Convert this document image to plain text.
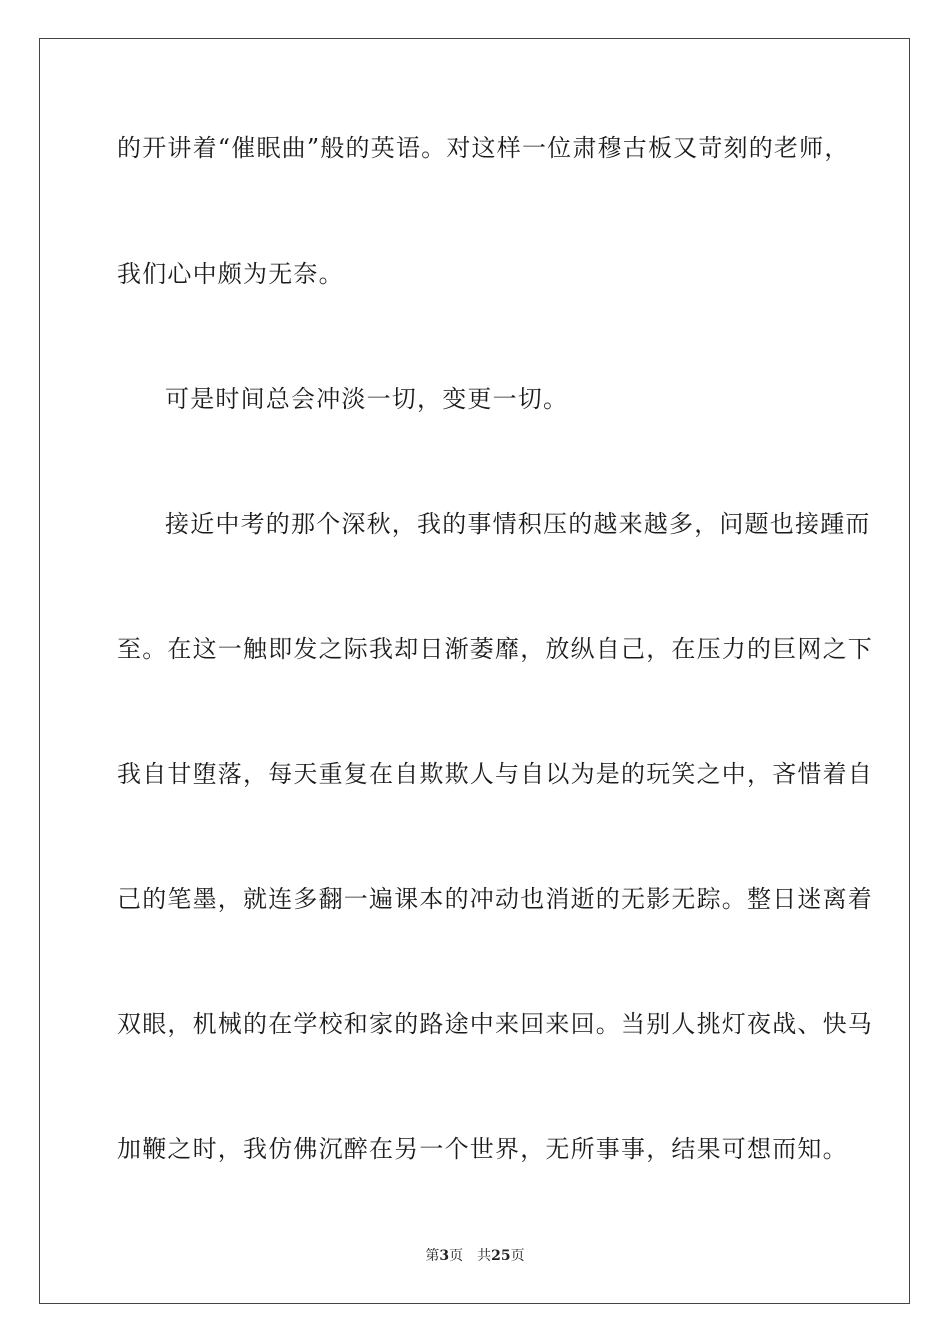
的开讲着“催眠曲”般的英语。对这样一位肃穆古板又苛刻的老师，
我们心中颇为无奈。
可是时间总会冲淡一切，变更一切。
接近中考的那个深秋，我的事情积压的越来越多，问题也接踵而
至。在这一触即发之际我却日渐萎靡，放纵自己，在压力的巨网之下
我自甘堕落，每天重复在自欺欺人与自以为是的玩笑之中，吝惜着自
己的笔墨，就连多翻一遍课本的冲动也消逝的无影无踪。整日迷离着
双眼，机械的在学校和家的路途中来回来回。当别人挑灯夜战、快马
加鞭之时，我仿佛沉醉在另一个世界，无所事事，结果可想而知。
第3页 共25页
